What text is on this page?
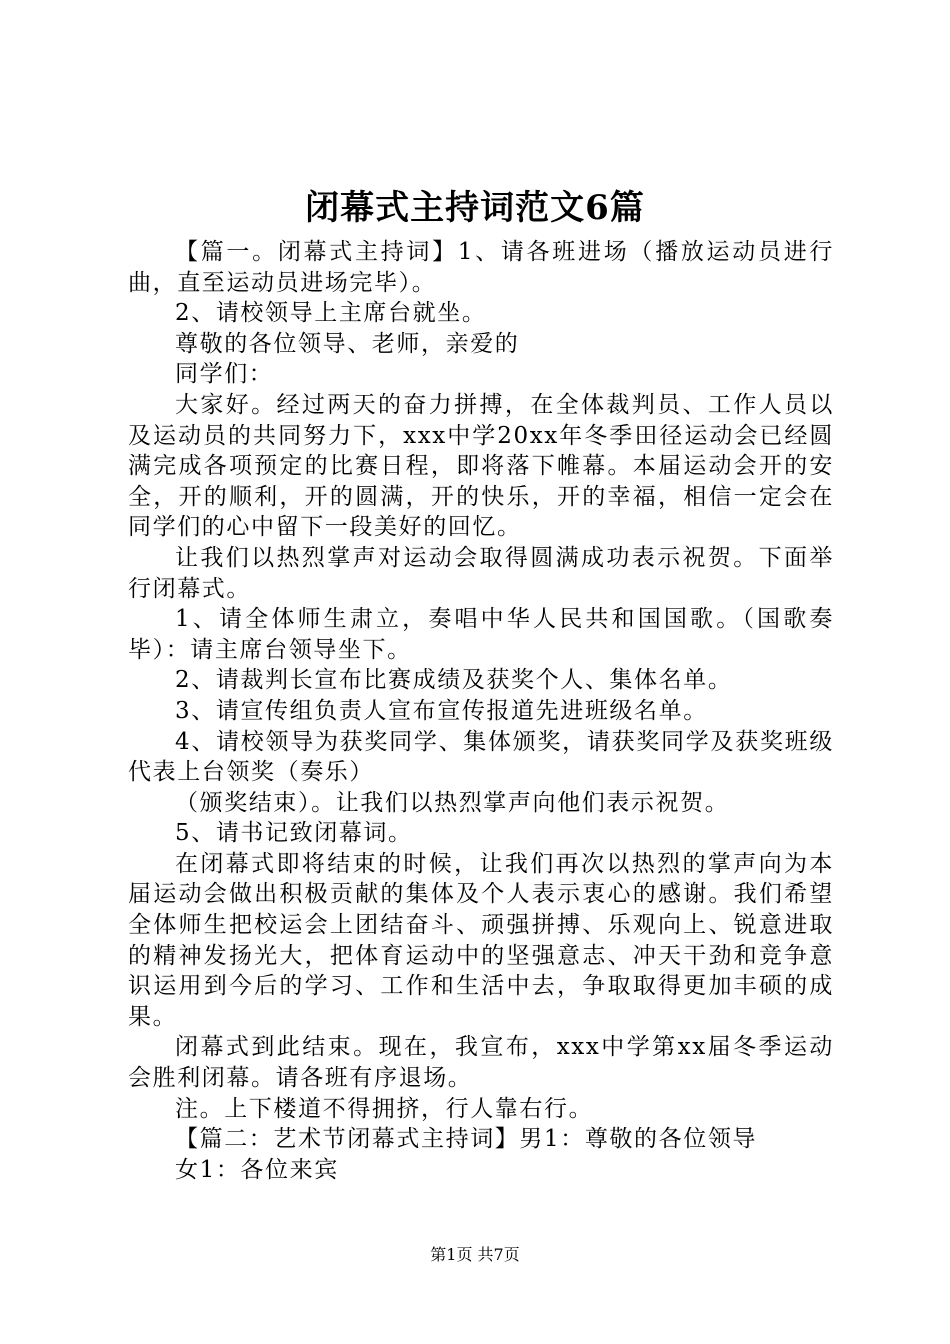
闭幕式主持词范文6篇

【篇一。闭幕式主持词】1、请各班进场（播放运动员进行曲，直至运动员进场完毕）。

2、请校领导上主席台就坐。

尊敬的各位领导、老师，亲爱的

同学们：

大家好。经过两天的奋力拼搏，在全体裁判员、工作人员以及运动员的共同努力下，xxx中学20xx年冬季田径运动会已经圆满完成各项预定的比赛日程，即将落下帷幕。本届运动会开的安全，开的顺利，开的圆满，开的快乐，开的幸福，相信一定会在同学们的心中留下一段美好的回忆。

让我们以热烈掌声对运动会取得圆满成功表示祝贺。下面举行闭幕式。

1、请全体师生肃立，奏唱中华人民共和国国歌。（国歌奏毕）：请主席台领导坐下。

2、请裁判长宣布比赛成绩及获奖个人、集体名单。

3、请宣传组负责人宣布宣传报道先进班级名单。

4、请校领导为获奖同学、集体颁奖，请获奖同学及获奖班级代表上台领奖（奏乐）

（颁奖结束）。让我们以热烈掌声向他们表示祝贺。

5、请书记致闭幕词。

在闭幕式即将结束的时候，让我们再次以热烈的掌声向为本届运动会做出积极贡献的集体及个人表示衷心的感谢。我们希望全体师生把校运会上团结奋斗、顽强拼搏、乐观向上、锐意进取的精神发扬光大，把体育运动中的坚强意志、冲天干劲和竞争意识运用到今后的学习、工作和生活中去，争取取得更加丰硕的成果。

闭幕式到此结束。现在，我宣布，xxx中学第xx届冬季运动会胜利闭幕。请各班有序退场。

注。上下楼道不得拥挤，行人靠右行。

【篇二：艺术节闭幕式主持词】男1：尊敬的各位领导

女1：各位来宾

第1页 共7页
